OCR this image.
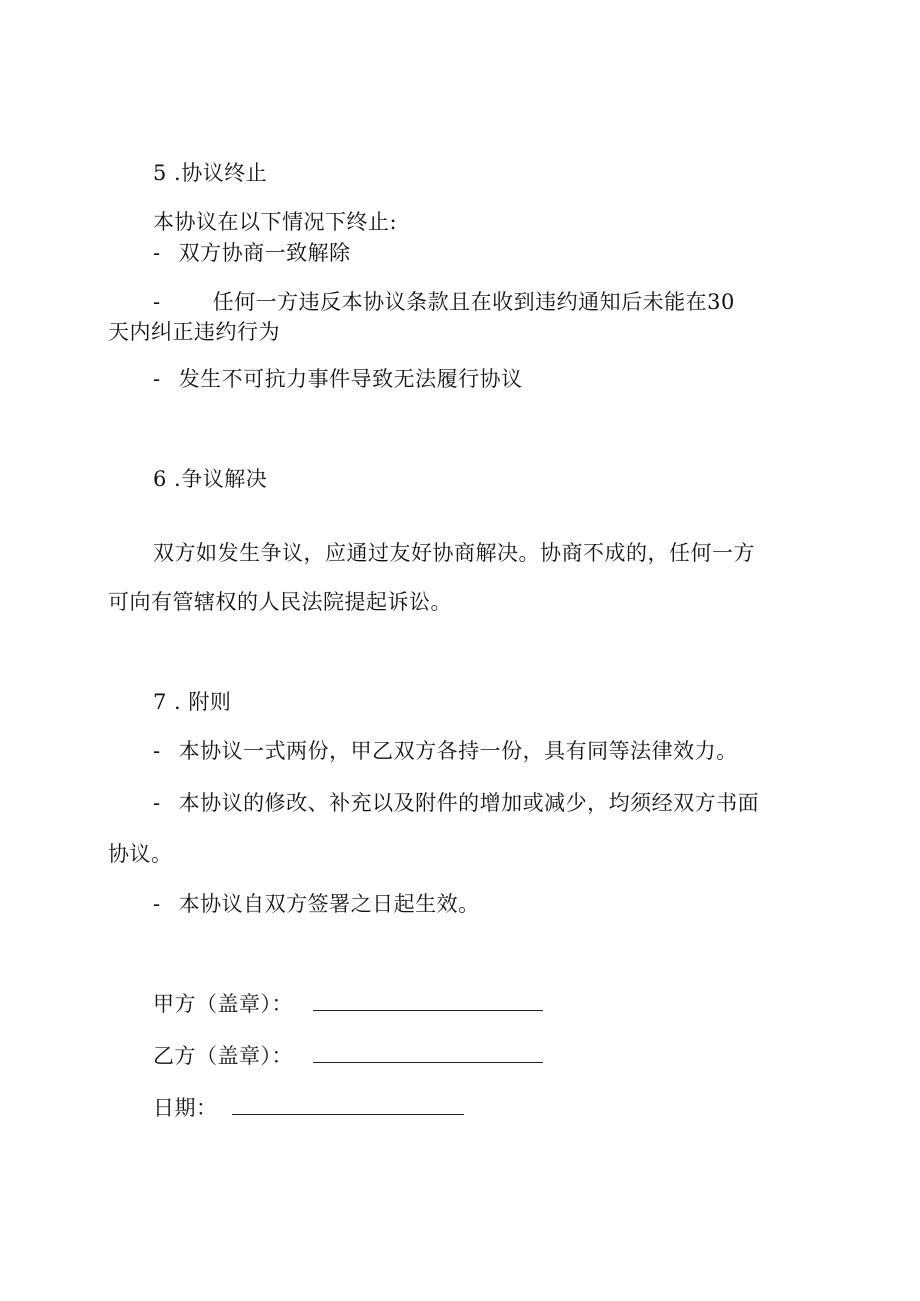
5 .协议终止
本协议在以下情况下终止:
- 双方协商一致解除
- 任何一方违反本协议条款且在收到违约通知后未能在30
天内纠正违约行为
- 发生不可抗力事件导致无法履行协议
6 .争议解决
双方如发生争议，应通过友好协商解决。协商不成的，任何一方
可向有管辖权的人民法院提起诉讼。
7 . 附则
- 本协议一式两份，甲乙双方各持一份，具有同等法律效力。
- 本协议的修改、补充以及附件的增加或减少，均须经双方书面
协议。
- 本协议自双方签署之日起生效。
甲方（盖章）：
乙方（盖章）：
日期：
